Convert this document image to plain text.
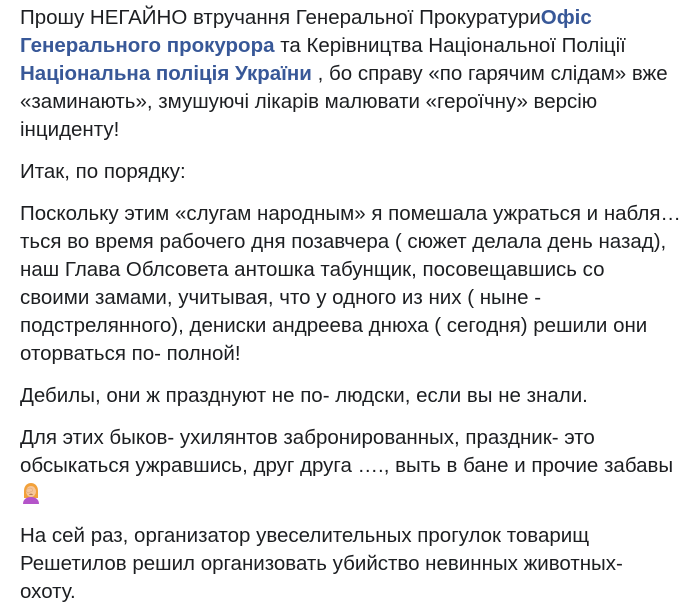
Прошу НЕГАЙНО втручання Генеральної ПрокуратуриОфіс
Генерального прокурора та Керівництва Національної Поліції
Національна поліція України , бо справу «по гарячим слідам» вже
«заминають», змушуючі лікарів малювати «героїчну» версію
інциденту!
Итак, по порядку:
Поскольку этим «слугам народным» я помешала ужраться и набля…
ться во время рабочего дня позавчера ( сюжет делала день назад),
наш Глава Облсовета антошка табунщик, посовещавшись со
своими замами, учитывая, что у одного из них ( ныне -
подстрелянного), дениски андреева днюха ( сегодня) решили они
оторваться по- полной!
Дебилы, они ж празднуют не по- людски, если вы не знали.
Для этих быков- ухилянтов забронированных, праздник- это
обсыкаться ужравшись, друг друга …., выть в бане и прочие забавы
На сей раз, организатор увеселительных прогулок товарищ
Решетилов решил организовать убийство невинных животных-
охоту.
